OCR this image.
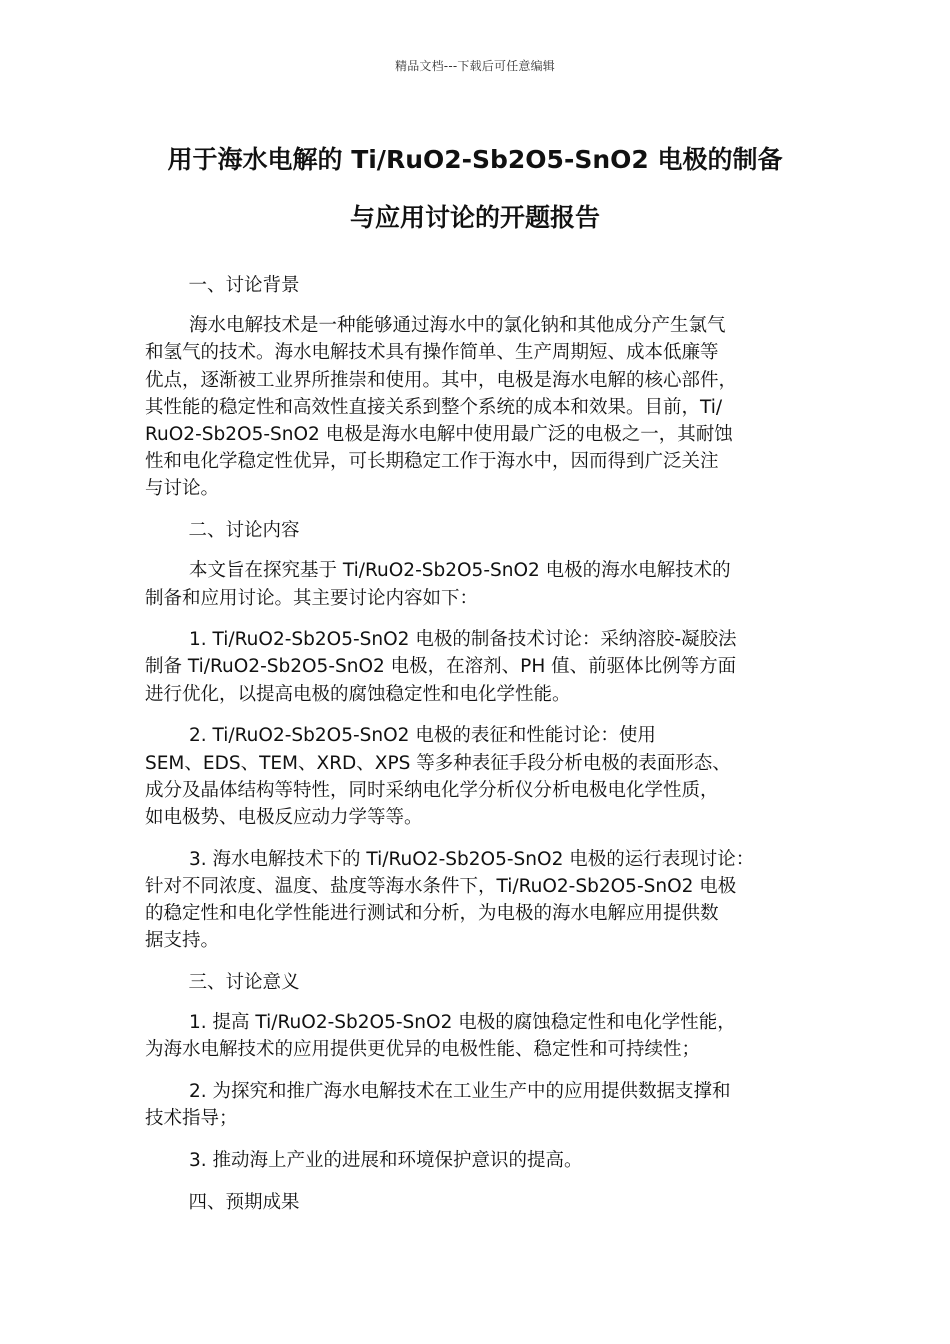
精品文档---下载后可任意编辑
用于海水电解的 Ti/RuO2-Sb2O5-SnO2 电极的制备
与应用讨论的开题报告

一、讨论背景

海水电解技术是一种能够通过海水中的氯化钠和其他成分产生氯气
和氢气的技术。海水电解技术具有操作简单、生产周期短、成本低廉等
优点，逐渐被工业界所推崇和使用。其中，电极是海水电解的核心部件，
其性能的稳定性和高效性直接关系到整个系统的成本和效果。目前，Ti/
RuO2-Sb2O5-SnO2 电极是海水电解中使用最广泛的电极之一，其耐蚀
性和电化学稳定性优异，可长期稳定工作于海水中，因而得到广泛关注
与讨论。

二、讨论内容

本文旨在探究基于 Ti/RuO2-Sb2O5-SnO2 电极的海水电解技术的
制备和应用讨论。其主要讨论内容如下：

1. Ti/RuO2-Sb2O5-SnO2 电极的制备技术讨论：采纳溶胶-凝胶法
制备 Ti/RuO2-Sb2O5-SnO2 电极，在溶剂、PH 值、前驱体比例等方面
进行优化，以提高电极的腐蚀稳定性和电化学性能。

2. Ti/RuO2-Sb2O5-SnO2 电极的表征和性能讨论：使用
SEM、EDS、TEM、XRD、XPS 等多种表征手段分析电极的表面形态、
成分及晶体结构等特性，同时采纳电化学分析仪分析电极电化学性质，
如电极势、电极反应动力学等等。

3. 海水电解技术下的 Ti/RuO2-Sb2O5-SnO2 电极的运行表现讨论：
针对不同浓度、温度、盐度等海水条件下，Ti/RuO2-Sb2O5-SnO2 电极
的稳定性和电化学性能进行测试和分析，为电极的海水电解应用提供数
据支持。

三、讨论意义

1. 提高 Ti/RuO2-Sb2O5-SnO2 电极的腐蚀稳定性和电化学性能，
为海水电解技术的应用提供更优异的电极性能、稳定性和可持续性；

2. 为探究和推广海水电解技术在工业生产中的应用提供数据支撑和
技术指导；

3. 推动海上产业的进展和环境保护意识的提高。

四、预期成果
